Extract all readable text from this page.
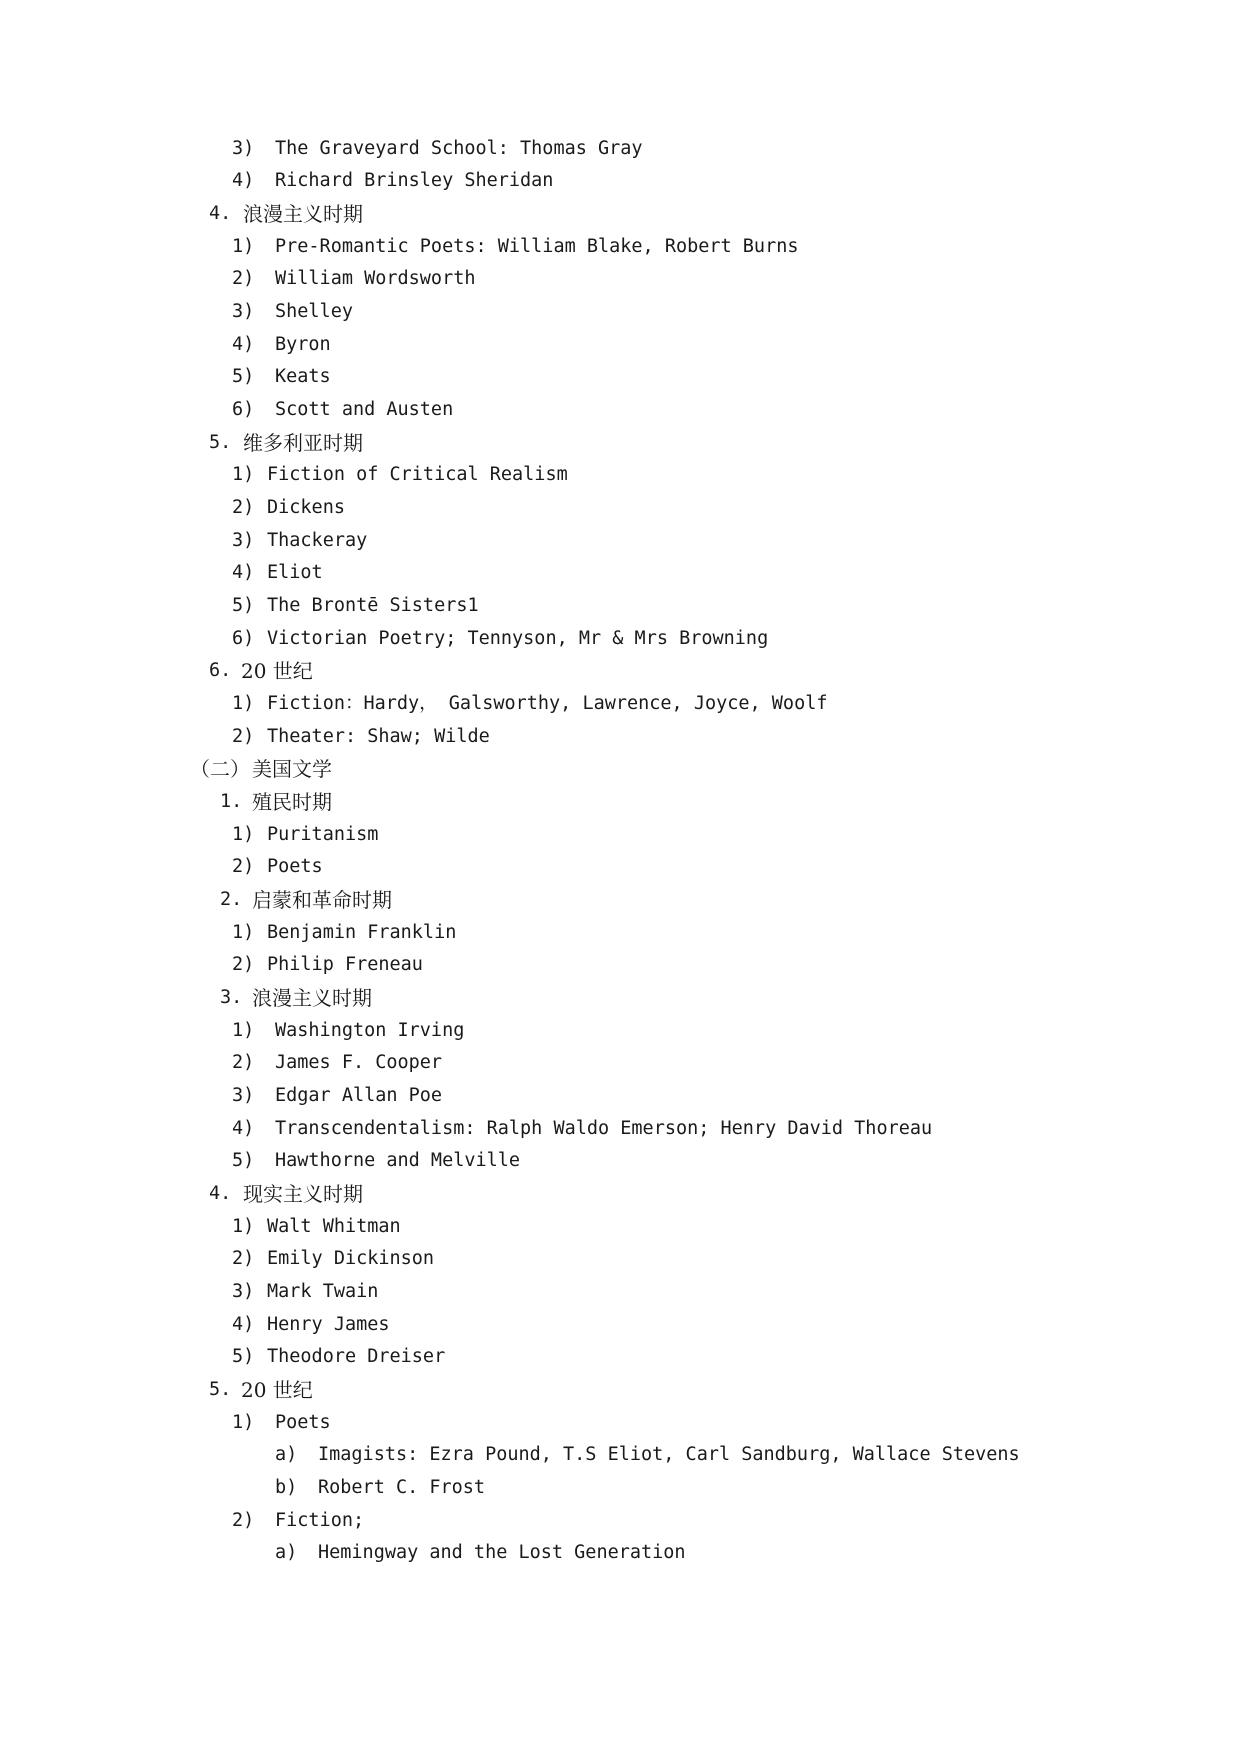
3) The Graveyard School: Thomas Gray
4) Richard Brinsley Sheridan
4. 浪漫主义时期
1) Pre-Romantic Poets: William Blake, Robert Burns
2) William Wordsworth
3) Shelley
4) Byron
5) Keats
6) Scott and Austen
5. 维多利亚时期
1) Fiction of Critical Realism
2) Dickens
3) Thackeray
4) Eliot
5) The Brontē Sisters1
6) Victorian Poetry; Tennyson, Mr & Mrs Browning
6. 20 世纪
1) Fiction：Hardy， Galsworthy, Lawrence, Joyce, Woolf
2) Theater: Shaw; Wilde
（二） 美国文学
1. 殖民时期
1) Puritanism
2) Poets
2. 启蒙和革命时期
1) Benjamin Franklin
2) Philip Freneau
3. 浪漫主义时期
1) Washington Irving
2) James F. Cooper
3) Edgar Allan Poe
4) Transcendentalism: Ralph Waldo Emerson; Henry David Thoreau
5) Hawthorne and Melville
4. 现实主义时期
1) Walt Whitman
2) Emily Dickinson
3) Mark Twain
4) Henry James
5) Theodore Dreiser
5. 20 世纪
1) Poets
a) Imagists: Ezra Pound, T.S Eliot, Carl Sandburg, Wallace Stevens
b) Robert C. Frost
2) Fiction;
a) Hemingway and the Lost Generation
